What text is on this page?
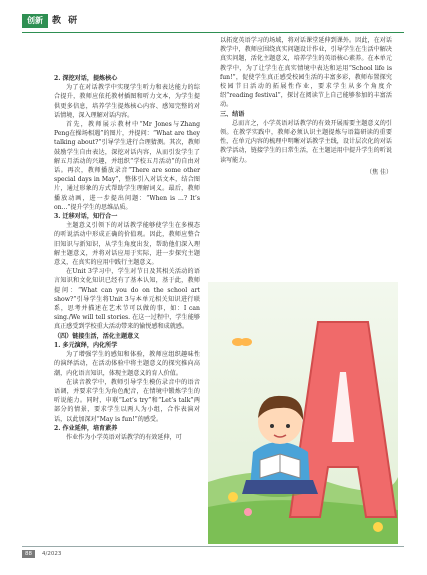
创新	教 研

2. 深挖对话，提炼核心

为了在对话教学中实现学生听力和表达能力的综合提升，教师应依托教材插图和听力文本，为学生提供更多信息，培养学生提炼核心内容、感知完整的对话情境，深入理解对话内容。

首先，教师展示教材中“Mr Jones与Zhang Peng在操场相遇”的图片，并提问：“What are they talking about?”引导学生进行合理猜测。其次，教师鼓励学生自由表达，深挖对话内容，从而引发学生了解五月活动的兴趣，并组织“学校五月活动”的自由对话。再次，教师播放录音“There are some other special days in May”，整体引入对话文本，结合图片，通过形象的方式帮助学生理解词义。最后，教师播放动画，进一步提出问题：“When is ...? It’s on...”提升学生的思维品质。

3. 迁移对话，知行合一

主题意义引领下的对话教学能够使学生在多模态的听说活动中形成正确的价值观。因此，教师应整合旧知识与新知识，从学生角度出发，帮助他们深入理解主题意义，并将对话应用于实际，进一步探究主题意义，在真实的应用中践行主题意义。

在Unit 3学习中，学生对节日及其相关活动的语言知识和文化知识已经有了基本认知，基于此，教师提问：“What can you do on the school art show?”引导学生将Unit 3与本单元相关知识进行联系，思考并描述在艺术节可以做的事，如：I can sing./We will tell stories. 在这一过程中，学生能够真正感受到学校重大活动带来的愉悦感和成就感。

（四）链接生活，活化主题意义

1. 多元演绎，内化所学

为了增强学生的感知和体验，教师应组织趣味性的演绎活动，在活动体验中将主题意义的探究推向高潮，内化语言知识，体现主题意义的育人价值。

在读音教学中，教师引导学生模仿录音中的语音语调，并要求学生为角色配音，在情境中锻炼学生的听说能力。同时，申联“Let’s try”和“Let’s talk”两部分的情景，要求学生以两人为小组，合作表演对话，以此加深对“May is fun!”的感受。

2. 作业延伸，培育素养

作业作为小学英语对话教学的有效延伸，可

以拓宽英语学习的场域，将对话课堂延伸到课外。因此，在对话教学中，教师应围绕真实问题设计作业，引导学生在生活中解决真实问题，活化主题意义，培养学生的英语核心素养。在本单元教学中，为了让学生在真实情境中表达和运用“School life is fun!”，促使学生真正感受校园生活的丰富多彩，教师布置探究校园节日活动的拓展性作业，要求学生从多个角度介绍“reading festival”，探讨在阅读节上自己能够参加的丰富活动。

三、结语

总而言之，小学英语对话教学的有效开展需要主题意义的引领。在教学实践中，教师必须认识主题提炼与语篇研读的重要性，在单元内容的梳理中明晰对话教学主线，设计层次化的对话教学活动，链接学生的日常生活，在主题运用中提升学生的听说读写能力。

（焦 佳）
88	4/2023
